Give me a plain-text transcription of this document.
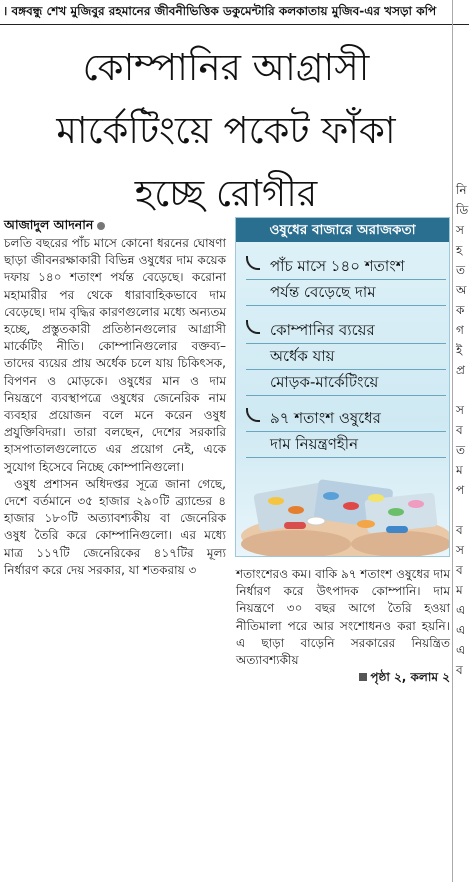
। বঙ্গবন্ধু শেখ মুজিবুর রহমানের জীবনীভিত্তিক ডকুমেন্টারি কলকাতায় মুজিব-এর খসড়া কপি
কোম্পানির আগ্রাসী
মার্কেটিংয়ে পকেট ফাঁকা
হচ্ছে রোগীর
আজাদুল আদনান

চলতি বছরের পাঁচ মাসে কোনো ধরনের ঘোষণা ছাড়া জীবনরক্ষাকারী বিভিন্ন ওষুধের দাম কয়েক দফায় ১৪০ শতাংশ পর্যন্ত বেড়েছে। করোনা মহামারীর পর থেকে ধারাবাহিকভাবে দাম বেড়েছে। দাম বৃদ্ধির কারণগুলোর মধ্যে অন্যতম হচ্ছে, প্রস্তুতকারী প্রতিষ্ঠানগুলোর আগ্রাসী মার্কেটিং নীতি। কোম্পানিগুলোর বক্তব্য– তাদের ব্যয়ের প্রায় অর্ধেক চলে যায় চিকিৎসক, বিপণন ও মোড়কে। ওষুধের মান ও দাম নিয়ন্ত্রণে ব্যবস্থাপত্রে ওষুধের জেনেরিক নাম ব্যবহার প্রয়োজন বলে মনে করেন ওষুধ প্রযুক্তিবিদরা। তারা বলছেন, দেশের সরকারি হাসপাতালগুলোতে এর প্রয়োগ নেই, একে সুযোগ হিসেবে নিচ্ছে কোম্পানিগুলো।

ওষুধ প্রশাসন অধিদপ্তর সূত্রে জানা গেছে, দেশে বর্তমানে ৩৫ হাজার ২৯০টি ব্র্যান্ডের ৪ হাজার ১৮০টি অত্যাবশ্যকীয় বা জেনেরিক ওষুধ তৈরি করে কোম্পানিগুলো। এর মধ্যে মাত্র ১১৭টি জেনেরিকের ৪১৭টির মূল্য নির্ধারণ করে দেয় সরকার, যা শতকরায় ৩

ওষুধের বাজারে অরাজকতা
পাঁচ মাসে ১৪০ শতাংশ
পর্যন্ত বেড়েছে দাম
কোম্পানির ব্যয়ের
অর্ধেক যায়
মোড়ক-মার্কেটিংয়ে
৯৭ শতাংশ ওষুধের
দাম নিয়ন্ত্রণহীন

শতাংশেরও কম। বাকি ৯৭ শতাংশ ওষুধের দাম নির্ধারণ করে উৎপাদক কোম্পানি। দাম নিয়ন্ত্রণে ৩০ বছর আগে তৈরি হওয়া নীতিমালা পরে আর সংশোধনও করা হয়নি। এ ছাড়া বাড়েনি সরকারের নিয়ন্ত্রিত অত্যাবশ্যকীয়

পৃষ্ঠা ২, কলাম ২
নি
ডি
স
হ
ত
অ
ক
গ
ই
প্র
স
ব
ত
ম
প
ব
স
ব
ম
এ
এ
এ
ব
